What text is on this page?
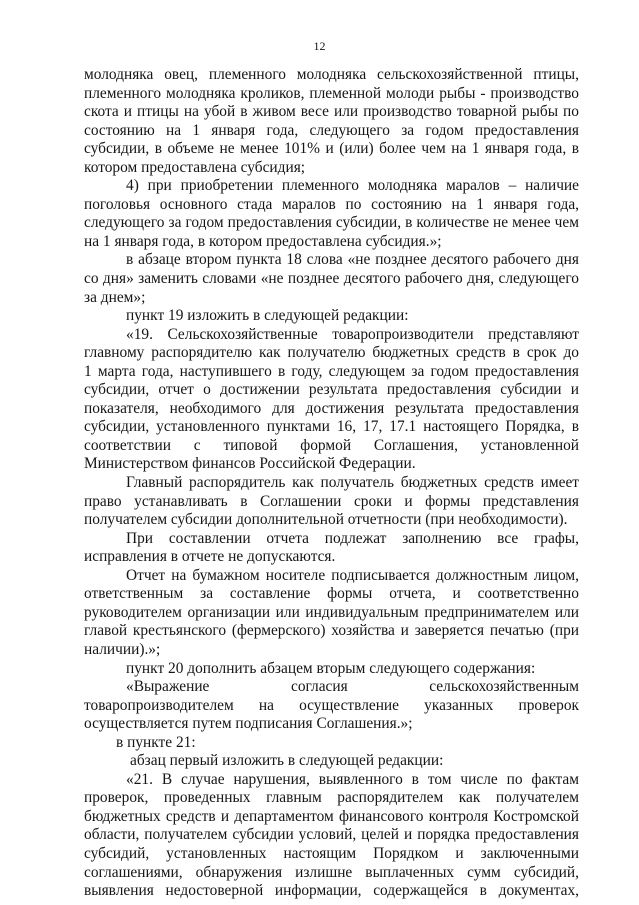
12
молодняка овец, племенного молодняка сельскохозяйственной птицы,
племенного молодняка кроликов, племенной молоди рыбы - производство
скота и птицы на убой в живом весе или производство товарной рыбы по
состоянию на 1 января года, следующего за годом предоставления
субсидии, в объеме не менее 101% и (или) более чем на 1 января года, в
котором предоставлена субсидия;
4) при приобретении племенного молодняка маралов – наличие
поголовья основного стада маралов по состоянию на 1 января года,
следующего за годом предоставления субсидии, в количестве не менее чем
на 1 января года, в котором предоставлена субсидия.»;
в абзаце втором пункта 18 слова «не позднее десятого рабочего дня
со дня» заменить словами «не позднее десятого рабочего дня, следующего
за днем»;
пункт 19 изложить в следующей редакции:
«19. Сельскохозяйственные товаропроизводители представляют
главному распорядителю как получателю бюджетных средств в срок до
1 марта года, наступившего в году, следующем за годом предоставления
субсидии, отчет о достижении результата предоставления субсидии и
показателя, необходимого для достижения результата предоставления
субсидии, установленного пунктами 16, 17, 17.1 настоящего Порядка, в
соответствии с типовой формой Соглашения, установленной
Министерством финансов Российской Федерации.
Главный распорядитель как получатель бюджетных средств имеет
право устанавливать в Соглашении сроки и формы представления
получателем субсидии дополнительной отчетности (при необходимости).
При составлении отчета подлежат заполнению все графы,
исправления в отчете не допускаются.
Отчет на бумажном носителе подписывается должностным лицом,
ответственным за составление формы отчета, и соответственно
руководителем организации или индивидуальным предпринимателем или
главой крестьянского (фермерского) хозяйства и заверяется печатью (при
наличии).»;
пункт 20 дополнить абзацем вторым следующего содержания:
«Выражение согласия сельскохозяйственным
товаропроизводителем на осуществление указанных проверок
осуществляется путем подписания Соглашения.»;
в пункте 21:
абзац первый изложить в следующей редакции:
«21. В случае нарушения, выявленного в том числе по фактам
проверок, проведенных главным распорядителем как получателем
бюджетных средств и департаментом финансового контроля Костромской
области, получателем субсидии условий, целей и порядка предоставления
субсидий, установленных настоящим Порядком и заключенными
соглашениями, обнаружения излишне выплаченных сумм субсидий,
выявления недостоверной информации, содержащейся в документах,
